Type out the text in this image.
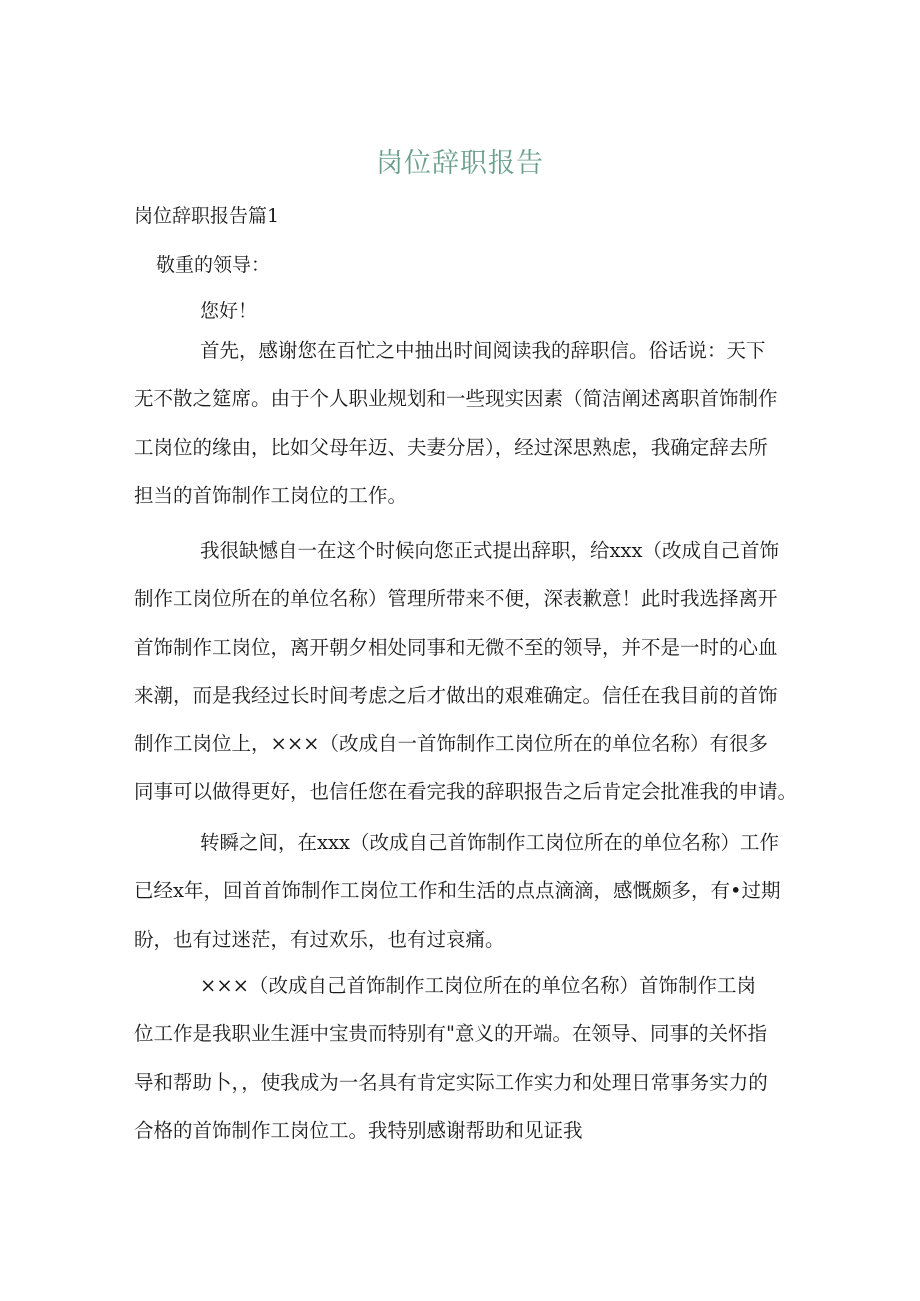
岗位辞职报告
岗位辞职报告篇1
敬重的领导：
您好！
首先，感谢您在百忙之中抽出时间阅读我的辞职信。俗话说：天下
无不散之筵席。由于个人职业规划和一些现实因素（简洁阐述离职首饰制作
工岗位的缘由，比如父母年迈、夫妻分居），经过深思熟虑，我确定辞去所
担当的首饰制作工岗位的工作。
我很缺憾自一在这个时候向您正式提出辞职，给xxx（改成自己首饰
制作工岗位所在的单位名称）管理所带来不便，深表歉意！此时我选择离开
首饰制作工岗位，离开朝夕相处同事和无微不至的领导，并不是一时的心血
来潮，而是我经过长时间考虑之后才做出的艰难确定。信任在我目前的首饰
制作工岗位上，×××（改成自一首饰制作工岗位所在的单位名称）有很多
同事可以做得更好，也信任您在看完我的辞职报告之后肯定会批准我的申请。
转瞬之间，在xxx（改成自己首饰制作工岗位所在的单位名称）工作
已经x年，回首首饰制作工岗位工作和生活的点点滴滴，感慨颇多，有•过期
盼，也有过迷茫，有过欢乐，也有过哀痛。
×××（改成自己首饰制作工岗位所在的单位名称）首饰制作工岗
位工作是我职业生涯中宝贵而特别有"意义的开端。在领导、同事的关怀指
导和帮助卜，，使我成为一名具有肯定实际工作实力和处理日常事务实力的
合格的首饰制作工岗位工。我特别感谢帮助和见证我
